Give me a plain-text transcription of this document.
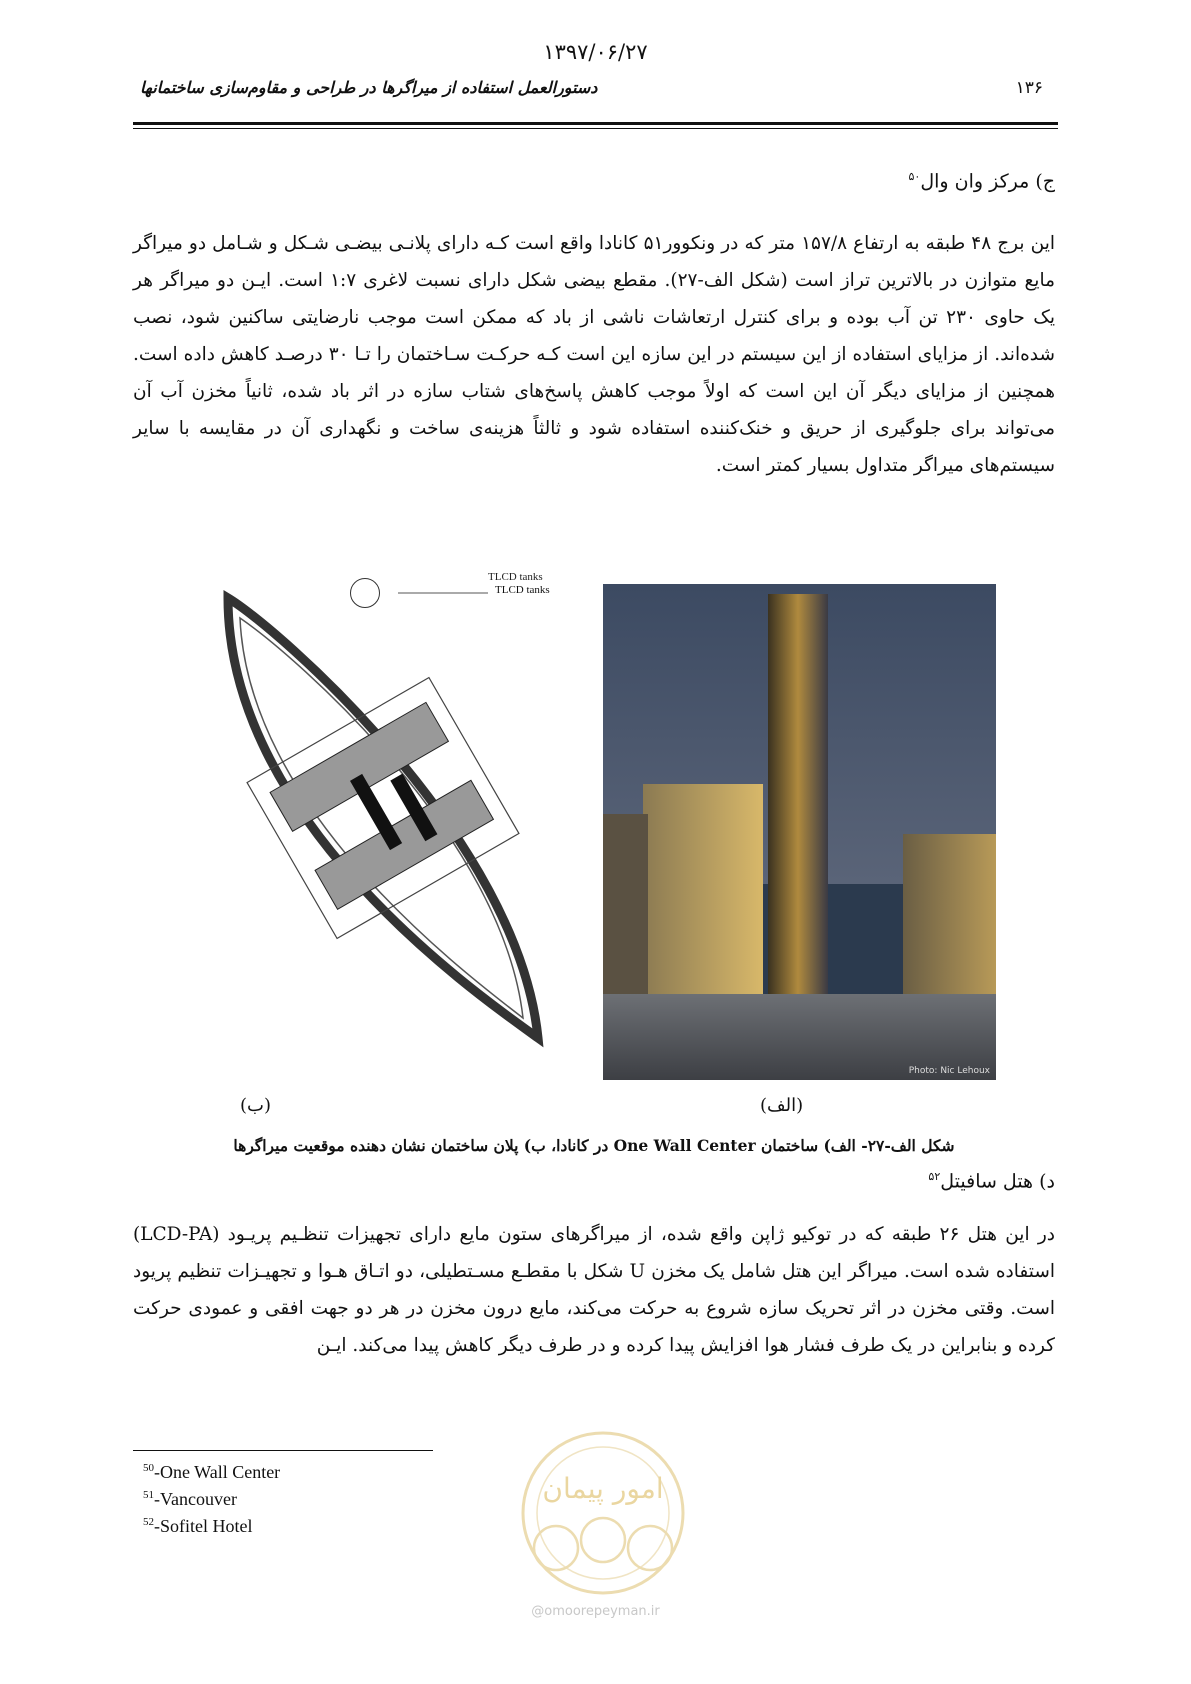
۱۳۹۷/۰۶/۲۷
دستورالعمل استفاده از میراگرها در طراحی و مقاوم‌سازی ساختمانها	۱۳۶
ج) مرکز وان وال$^{۵۰}$
این برج ۴۸ طبقه به ارتفاع ۱۵۷/۸ متر که در ونکوور۵۱ کانادا واقع است کـه دارای پلانـی بیضـی شـکل و شـامل دو میراگر مایع متوازن در بالاترین تراز است (شکل الف-۲۷). مقطع بیضی شکل دارای نسبت لاغری ۱:۷ است. ایـن دو میراگر هر یک حاوی ۲۳۰ تن آب بوده و برای کنترل ارتعاشات ناشی از باد که ممکن است موجب نارضایتی ساکنین شود، نصب شده‌اند. از مزایای استفاده از این سیستم در این سازه این است کـه حرکـت سـاختمان را تـا ۳۰ درصـد کاهش داده است. همچنین از مزایای دیگر آن این است که اولاً موجب کاهش پاسخ‌های شتاب سازه در اثر باد شده، ثانیاً مخزن آب آن می‌تواند برای جلوگیری از حریق و خنک‌کننده استفاده شود و ثالثاً هزینه‌ی ساخت و نگهداری آن در مقایسه با سایر سیستم‌های میراگر متداول بسیار کمتر است.
TLCD tanks
TLCD tanks
Photo: Nic Lehoux
(ب)	(الف)
شکل الف-۲۷- الف) ساختمان One Wall Center در کانادا، ب) پلان ساختمان نشان دهنده موقعیت میراگرها
د) هتل سافیتل$^{۵۲}$
در این هتل ۲۶ طبقه که در توکیو ژاپن واقع شده، از میراگرهای ستون مایع دارای تجهیزات تنظـیم پریـود (LCD-PA) استفاده شده است. میراگر این هتل شامل یک مخزن U شکل با مقطـع مسـتطیلی، دو اتـاق هـوا و تجهیـزات تنظیم پریود است. وقتی مخزن در اثر تحریک سازه شروع به حرکت می‌کند، مایع درون مخزن در هر دو جهت افقی و عمودی حرکت کرده و بنابراین در یک طرف فشار هوا افزایش پیدا کرده و در طرف دیگر کاهش پیدا می‌کند. ایـن
$^{50}$-One Wall Center
$^{51}$-Vancouver
$^{52}$-Sofitel Hotel
امور پیمان
@omoorepeyman.ir
